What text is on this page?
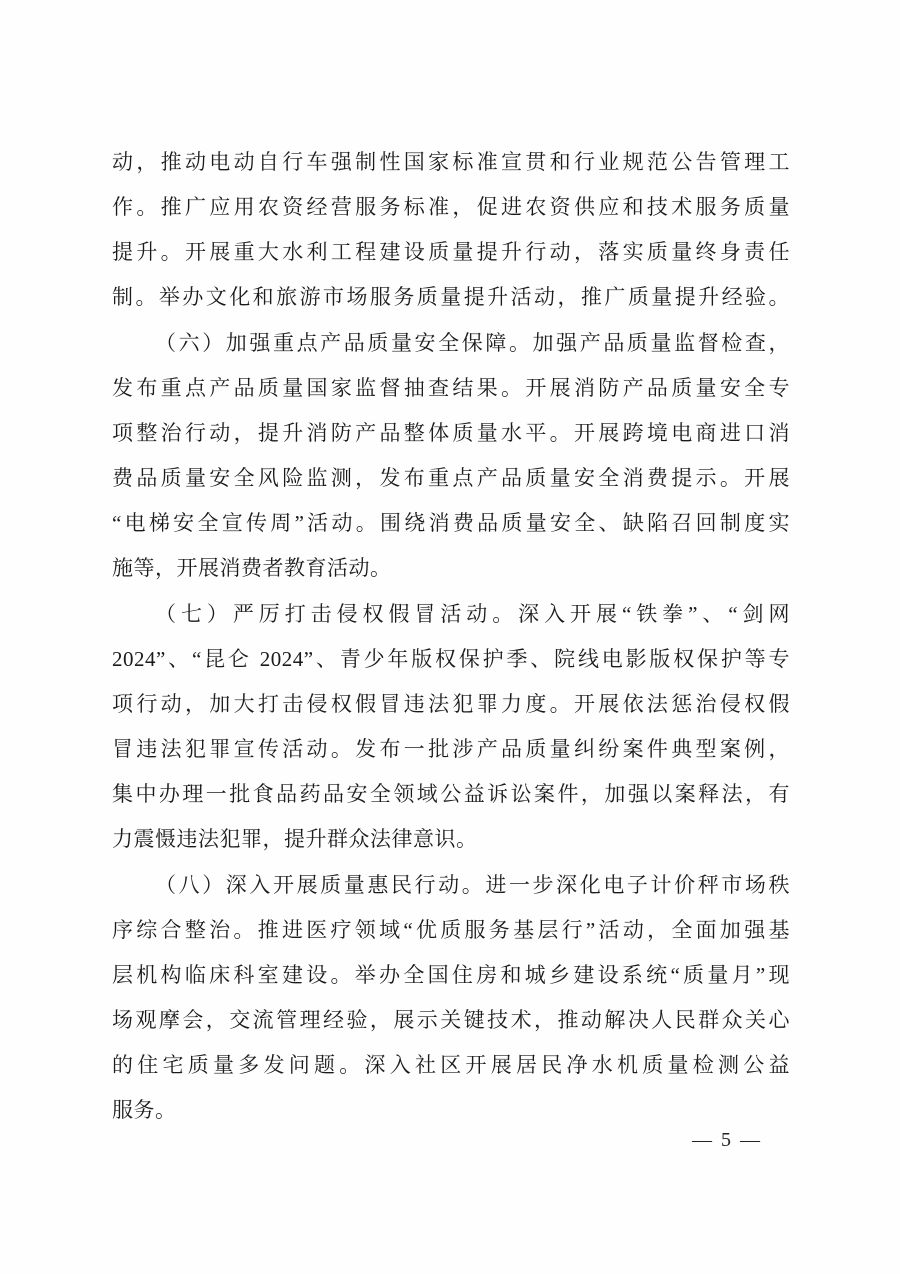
动，推动电动自行车强制性国家标准宣贯和行业规范公告管理工
作。推广应用农资经营服务标准，促进农资供应和技术服务质量
提升。开展重大水利工程建设质量提升行动，落实质量终身责任
制。举办文化和旅游市场服务质量提升活动，推广质量提升经验。
（六）加强重点产品质量安全保障。加强产品质量监督检查，
发布重点产品质量国家监督抽查结果。开展消防产品质量安全专
项整治行动，提升消防产品整体质量水平。开展跨境电商进口消
费品质量安全风险监测，发布重点产品质量安全消费提示。开展
“电梯安全宣传周”活动。围绕消费品质量安全、缺陷召回制度实
施等，开展消费者教育活动。
（七）严厉打击侵权假冒活动。深入开展“铁拳”、“剑网
2024”、“昆仑 2024”、青少年版权保护季、院线电影版权保护等专
项行动，加大打击侵权假冒违法犯罪力度。开展依法惩治侵权假
冒违法犯罪宣传活动。发布一批涉产品质量纠纷案件典型案例，
集中办理一批食品药品安全领域公益诉讼案件，加强以案释法，有
力震慑违法犯罪，提升群众法律意识。
（八）深入开展质量惠民行动。进一步深化电子计价秤市场秩
序综合整治。推进医疗领域“优质服务基层行”活动，全面加强基
层机构临床科室建设。举办全国住房和城乡建设系统“质量月”现
场观摩会，交流管理经验，展示关键技术，推动解决人民群众关心
的住宅质量多发问题。深入社区开展居民净水机质量检测公益
服务。
— 5 —
